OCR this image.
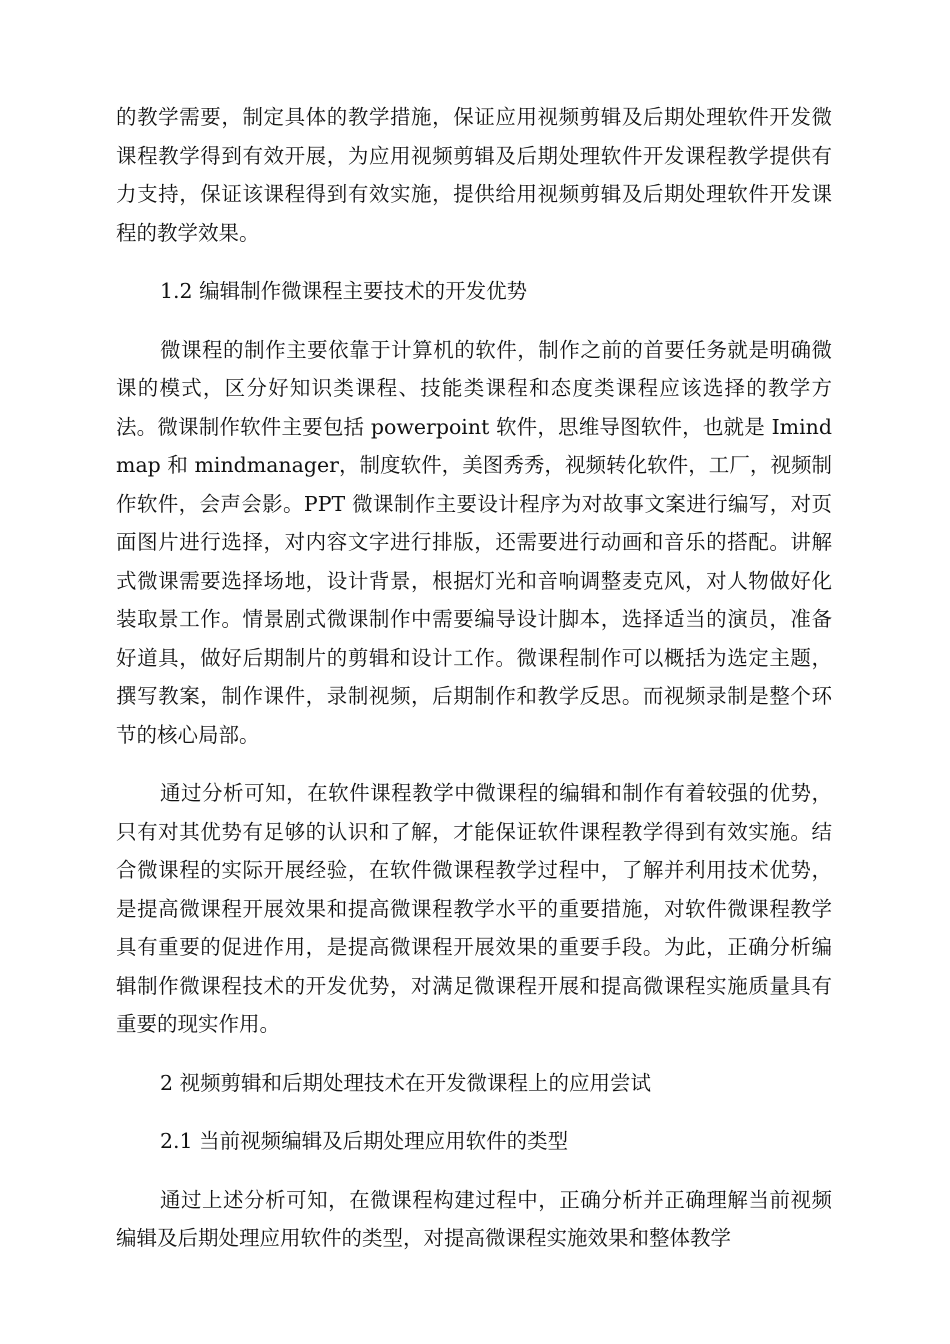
的教学需要，制定具体的教学措施，保证应用视频剪辑及后期处理软件开发微课程教学得到有效开展，为应用视频剪辑及后期处理软件开发课程教学提供有力支持，保证该课程得到有效实施，提供给用视频剪辑及后期处理软件开发课程的教学效果。

1.2 编辑制作微课程主要技术的开发优势

微课程的制作主要依靠于计算机的软件，制作之前的首要任务就是明确微课的模式，区分好知识类课程、技能类课程和态度类课程应该选择的教学方法。微课制作软件主要包括 powerpoint 软件，思维导图软件，也就是 Imindmap 和 mindmanager，制度软件，美图秀秀，视频转化软件，工厂，视频制作软件，会声会影。PPT 微课制作主要设计程序为对故事文案进行编写，对页面图片进行选择，对内容文字进行排版，还需要进行动画和音乐的搭配。讲解式微课需要选择场地，设计背景，根据灯光和音响调整麦克风，对人物做好化装取景工作。情景剧式微课制作中需要编导设计脚本，选择适当的演员，准备好道具，做好后期制片的剪辑和设计工作。微课程制作可以概括为选定主题，撰写教案，制作课件，录制视频，后期制作和教学反思。而视频录制是整个环节的核心局部。

通过分析可知，在软件课程教学中微课程的编辑和制作有着较强的优势，只有对其优势有足够的认识和了解，才能保证软件课程教学得到有效实施。结合微课程的实际开展经验，在软件微课程教学过程中，了解并利用技术优势，是提高微课程开展效果和提高微课程教学水平的重要措施，对软件微课程教学具有重要的促进作用，是提高微课程开展效果的重要手段。为此，正确分析编辑制作微课程技术的开发优势，对满足微课程开展和提高微课程实施质量具有重要的现实作用。

2 视频剪辑和后期处理技术在开发微课程上的应用尝试

2.1 当前视频编辑及后期处理应用软件的类型

通过上述分析可知，在微课程构建过程中，正确分析并正确理解当前视频编辑及后期处理应用软件的类型，对提高微课程实施效果和整体教学
